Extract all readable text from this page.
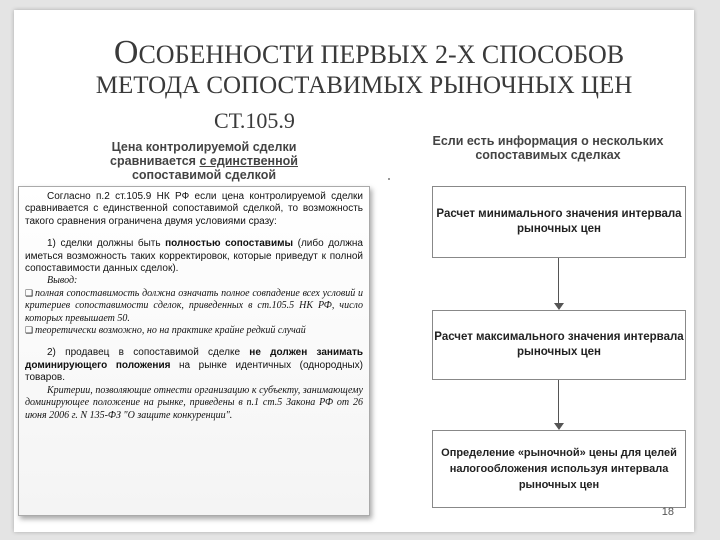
ОСОБЕННОСТИ ПЕРВЫХ 2-Х СПОСОБОВ
МЕТОДА СОПОСТАВИМЫХ РЫНОЧНЫХ ЦЕН
СТ.105.9
Цена контролируемой сделки сравнивается с единственной сопоставимой сделкой
Если есть информация о нескольких сопоставимых сделках

Согласно п.2 ст.105.9 НК РФ если цена контролируемой сделки сравнивается с единственной сопоставимой сделкой, то возможность такого сравнения ограничена двумя условиями сразу:

1) сделки должны быть полностью сопоставимы (либо должна иметься возможность таких корректировок, которые приведут к полной сопоставимости данных сделок).

Вывод:

❑ полная сопоставимость должна означать полное совпадение всех условий и критериев сопоставимости сделок, приведенных в ст.105.5 НК РФ, число которых превышает 50.

❑ теоретически возможно, но на практике крайне редкий случай

2) продавец в сопоставимой сделке не должен занимать доминирующего положения на рынке идентичных (однородных) товаров.

Критерии, позволяющие отнести организацию к субъекту, занимающему доминирующее положение на рынке, приведены в п.1 ст.5 Закона РФ от 26 июня 2006 г. N 135-ФЗ "О защите конкуренции".

Расчет минимального значения интервала рыночных цен
Расчет максимального значения интервала рыночных цен
Определение «рыночной» цены для целей налогообложения используя интервала рыночных цен
18
